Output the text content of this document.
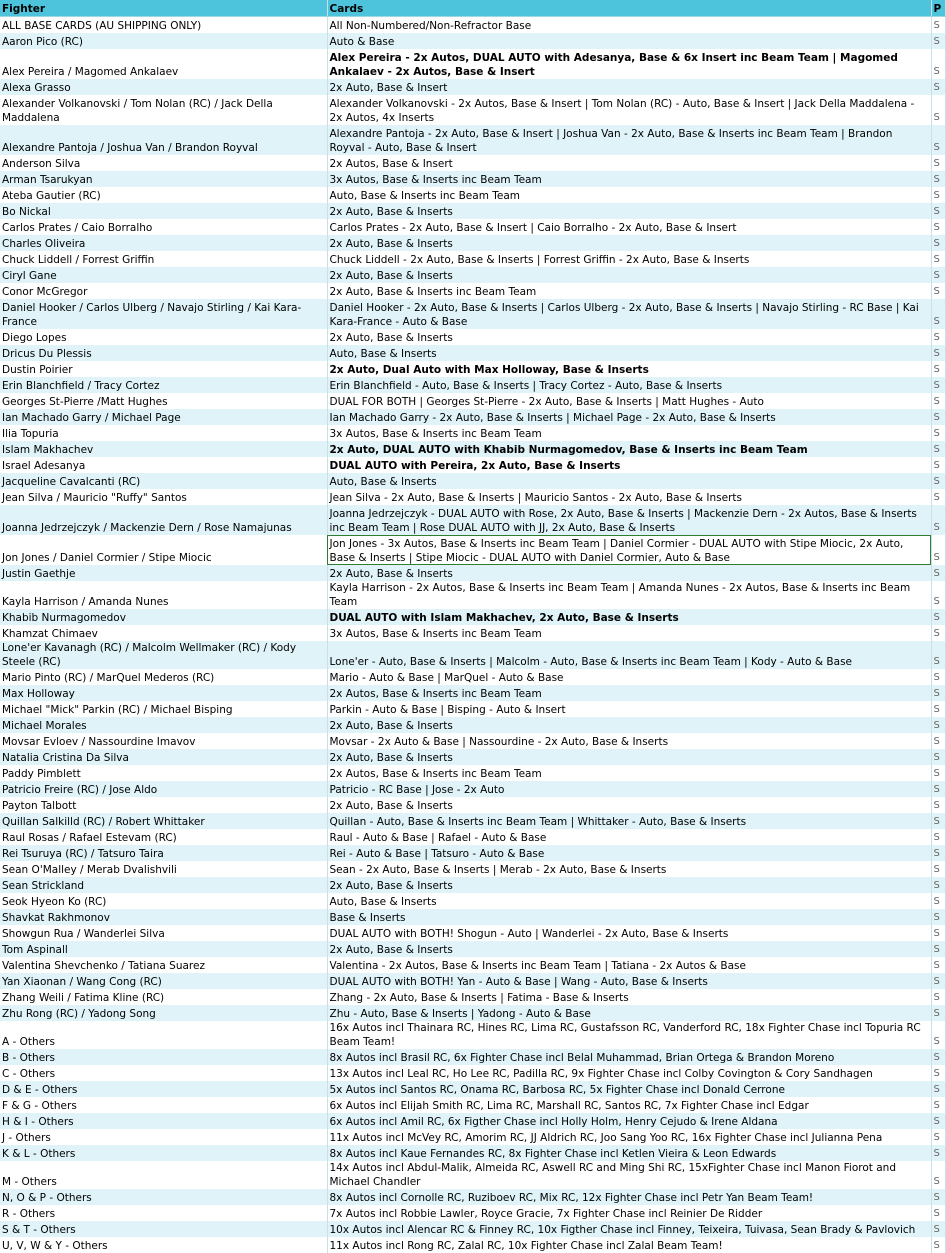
Fighter	Cards	P
ALL BASE CARDS (AU SHIPPING ONLY)	All Non-Numbered/Non-Refractor Base	S
Aaron Pico (RC)	Auto & Base	S
Alex Pereira / Magomed Ankalaev	Alex Pereira - 2x Autos, DUAL AUTO with Adesanya, Base & 6x Insert inc Beam Team | Magomed Ankalaev - 2x Autos, Base & Insert	S
Alexa Grasso	2x Auto, Base & Insert	S
Alexander Volkanovski / Tom Nolan (RC) / Jack Della Maddalena	Alexander Volkanovski - 2x Autos, Base & Insert | Tom Nolan (RC) - Auto, Base & Insert | Jack Della Maddalena - 2x Autos, 4x Inserts	S
Alexandre Pantoja / Joshua Van / Brandon Royval	Alexandre Pantoja - 2x Auto, Base & Insert | Joshua Van - 2x Auto, Base & Inserts inc Beam Team | Brandon Royval - Auto, Base & Insert	S
Anderson Silva	2x Autos, Base & Insert	S
Arman Tsarukyan	3x Autos, Base & Inserts inc Beam Team	S
Ateba Gautier (RC)	Auto, Base & Inserts inc Beam Team	S
Bo Nickal	2x Auto, Base & Inserts	S
Carlos Prates / Caio Borralho	Carlos Prates - 2x Auto, Base & Insert | Caio Borralho - 2x Auto, Base & Insert	S
Charles Oliveira	2x Auto, Base & Inserts	S
Chuck Liddell / Forrest Griffin	Chuck Liddell - 2x Auto, Base & Inserts | Forrest Griffin - 2x Auto, Base & Inserts	S
Ciryl Gane	2x Auto, Base & Inserts	S
Conor McGregor	2x Auto, Base & Inserts inc Beam Team	S
Daniel Hooker / Carlos Ulberg / Navajo Stirling / Kai Kara-France	Daniel Hooker - 2x Auto, Base & Inserts | Carlos Ulberg - 2x Auto, Base & Inserts | Navajo Stirling - RC Base | Kai Kara-France - Auto & Base	S
Diego Lopes	2x Auto, Base & Inserts	S
Dricus Du Plessis	Auto, Base & Inserts	S
Dustin Poirier	2x Auto, Dual Auto with Max Holloway, Base & Inserts	S
Erin Blanchfield / Tracy Cortez	Erin Blanchfield - Auto, Base & Inserts | Tracy Cortez - Auto, Base & Inserts	S
Georges St-Pierre /Matt Hughes	DUAL FOR BOTH | Georges St-Pierre - 2x Auto, Base & Inserts | Matt Hughes - Auto	S
Ian Machado Garry / Michael Page	Ian Machado Garry - 2x Auto, Base & Inserts | Michael Page - 2x Auto, Base & Inserts	S
Ilia Topuria	3x Autos, Base & Inserts inc Beam Team	S
Islam Makhachev	2x Auto, DUAL AUTO with Khabib Nurmagomedov, Base & Inserts inc Beam Team	S
Israel Adesanya	DUAL AUTO with Pereira, 2x Auto, Base & Inserts	S
Jacqueline Cavalcanti (RC)	Auto, Base & Inserts	S
Jean Silva / Mauricio "Ruffy" Santos	Jean Silva - 2x Auto, Base & Inserts | Mauricio Santos - 2x Auto, Base & Inserts	S
Joanna Jedrzejczyk / Mackenzie Dern / Rose Namajunas	Joanna Jedrzejczyk - DUAL AUTO with Rose, 2x Auto, Base & Inserts | Mackenzie Dern - 2x Autos, Base & Inserts inc Beam Team | Rose DUAL AUTO with JJ, 2x Auto, Base & Inserts	S
Jon Jones / Daniel Cormier / Stipe Miocic	Jon Jones - 3x Autos, Base & Inserts inc Beam Team | Daniel Cormier - DUAL AUTO with Stipe Miocic, 2x Auto, Base & Inserts | Stipe Miocic - DUAL AUTO with Daniel Cormier, Auto & Base	S
Justin Gaethje	2x Auto, Base & Inserts	S
Kayla Harrison / Amanda Nunes	Kayla Harrison - 2x Autos, Base & Inserts inc Beam Team | Amanda Nunes - 2x Autos, Base & Inserts inc Beam Team	S
Khabib Nurmagomedov	DUAL AUTO with Islam Makhachev, 2x Auto, Base & Inserts	S
Khamzat Chimaev	3x Autos, Base & Inserts inc Beam Team	S
Lone'er Kavanagh (RC) / Malcolm Wellmaker (RC) / Kody Steele (RC)	Lone'er - Auto, Base & Inserts | Malcolm - Auto, Base & Inserts inc Beam Team | Kody - Auto & Base	S
Mario Pinto (RC) / MarQuel Mederos (RC)	Mario - Auto & Base | MarQuel - Auto & Base	S
Max Holloway	2x Autos, Base & Inserts inc Beam Team	S
Michael "Mick" Parkin (RC) / Michael Bisping	Parkin - Auto & Base | Bisping - Auto & Insert	S
Michael Morales	2x Auto, Base & Inserts	S
Movsar Evloev / Nassourdine Imavov	Movsar - 2x Auto & Base | Nassourdine - 2x Auto, Base & Inserts	S
Natalia Cristina Da Silva	2x Auto, Base & Inserts	S
Paddy Pimblett	2x Autos, Base & Inserts inc Beam Team	S
Patricio Freire (RC) / Jose Aldo	Patricio - RC Base | Jose - 2x Auto	S
Payton Talbott	2x Auto, Base & Inserts	S
Quillan Salkilld (RC) / Robert Whittaker	Quillan - Auto, Base & Inserts inc Beam Team | Whittaker - Auto, Base & Inserts	S
Raul Rosas / Rafael Estevam (RC)	Raul - Auto & Base | Rafael - Auto & Base	S
Rei Tsuruya (RC) / Tatsuro Taira	Rei - Auto & Base | Tatsuro - Auto & Base	S
Sean O'Malley / Merab Dvalishvili	Sean - 2x Auto, Base & Inserts | Merab - 2x Auto, Base & Inserts	S
Sean Strickland	2x Auto, Base & Inserts	S
Seok Hyeon Ko (RC)	Auto, Base & Inserts	S
Shavkat Rakhmonov	Base & Inserts	S
Showgun Rua / Wanderlei Silva	DUAL AUTO with BOTH! Shogun - Auto | Wanderlei - 2x Auto, Base & Inserts	S
Tom Aspinall	2x Auto, Base & Inserts	S
Valentina Shevchenko / Tatiana Suarez	Valentina - 2x Autos, Base & Inserts inc Beam Team | Tatiana - 2x Autos & Base	S
Yan Xiaonan / Wang Cong (RC)	DUAL AUTO with BOTH! Yan - Auto & Base | Wang - Auto, Base & Inserts	S
Zhang Weili / Fatima Kline (RC)	Zhang - 2x Auto, Base & Inserts | Fatima - Base & Inserts	S
Zhu Rong (RC) / Yadong Song	Zhu - Auto, Base & Inserts | Yadong - Auto & Base	S
A - Others	16x Autos incl Thainara RC, Hines RC, Lima RC, Gustafsson RC, Vanderford RC, 18x Fighter Chase incl Topuria RC Beam Team!	S
B - Others	8x Autos incl Brasil RC, 6x Fighter Chase incl Belal Muhammad, Brian Ortega & Brandon Moreno	S
C - Others	13x Autos incl Leal RC, Ho Lee RC, Padilla RC, 9x Fighter Chase incl Colby Covington & Cory Sandhagen	S
D & E - Others	5x Autos incl Santos RC, Onama RC, Barbosa RC, 5x Fighter Chase incl Donald Cerrone	S
F & G - Others	6x Autos incl Elijah Smith RC, Lima RC, Marshall RC, Santos RC, 7x Fighter Chase incl Edgar	S
H & I - Others	6x Autos incl Amil RC, 6x Figther Chase incl Holly Holm, Henry Cejudo & Irene Aldana	S
J - Others	11x Autos incl McVey RC, Amorim RC, JJ Aldrich RC, Joo Sang Yoo RC, 16x Fighter Chase incl Julianna Pena	S
K & L - Others	8x Autos incl Kaue Fernandes RC, 8x Fighter Chase incl Ketlen Vieira & Leon Edwards	S
M - Others	14x Autos incl Abdul-Malik, Almeida RC, Aswell RC and Ming Shi RC, 15xFighter Chase incl Manon Fiorot and Michael Chandler	S
N, O & P - Others	8x Autos incl Cornolle RC, Ruziboev RC, Mix RC, 12x Fighter Chase incl Petr Yan Beam Team!	S
R - Others	7x Autos incl Robbie Lawler, Royce Gracie, 7x Fighter Chase incl Reinier De Ridder	S
S & T - Others	10x Autos incl Alencar RC & Finney RC, 10x Figther Chase incl Finney, Teixeira, Tuivasa, Sean Brady & Pavlovich	S
U, V, W & Y - Others	11x Autos incl Rong RC, Zalal RC, 10x Fighter Chase incl Zalal Beam Team!	S
